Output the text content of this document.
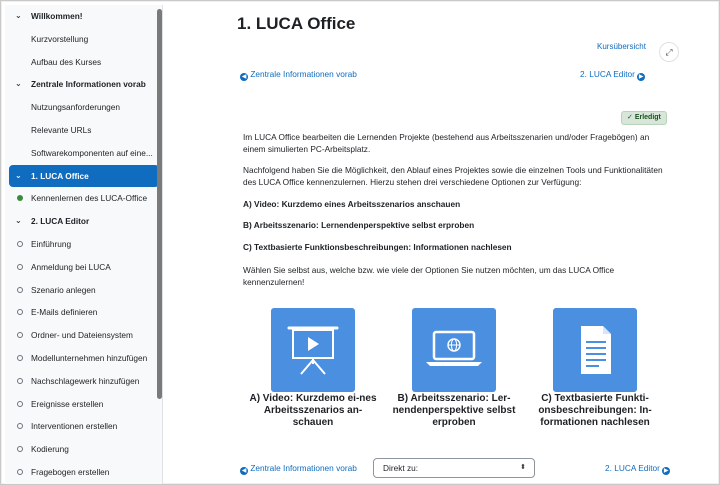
⌄	Willkommen!
Kurzvorstellung
Aufbau des Kurses
⌄	Zentrale Informationen vorab
Nutzungsanforderungen
Relevante URLs
Softwarekomponenten auf eine...
⌄	1. LUCA Office
Kennenlernen des LUCA-Office
⌄	2. LUCA Editor
Einführung
Anmeldung bei LUCA
Szenario anlegen
E-Mails definieren
Ordner- und Dateiensystem
Modellunternehmen hinzufügen
Nachschlagewerk hinzufügen
Ereignisse erstellen
Interventionen erstellen
Kodierung
Fragebogen erstellen
1. LUCA Office
Kursübersicht
⤢
◀ Zentrale Informationen vorab	2. LUCA Editor ▶
✓ Erledigt
Im LUCA Office bearbeiten die Lernenden Projekte (bestehend aus Arbeitsszenarien und/oder Fragebögen) an einem simulierten PC-Arbeitsplatz.
Nachfolgend haben Sie die Möglichkeit, den Ablauf eines Projektes sowie die einzelnen Tools und Funktionalitäten des LUCA Office kennenzulernen. Hierzu stehen drei verschiedene Optionen zur Verfügung:
A) Video: Kurzdemo eines Arbeitsszenarios anschauen
B) Arbeitsszenario: Lernendenperspektive selbst erproben
C) Textbasierte Funktionsbeschreibungen: Informationen nachlesen
Wählen Sie selbst aus, welche bzw. wie viele der Optionen Sie nutzen möchten, um das LUCA Office kennenzulernen!
A) Video: Kurzdemo ei-nes Arbeitsszenarios an-schauen
B) Arbeitsszenario: Ler-nendenperspektive selbst erproben
C) Textbasierte Funkti-onsbeschreibungen: In-formationen nachlesen
◀ Zentrale Informationen vorab	Direkt zu:	⬍	2. LUCA Editor ▶
